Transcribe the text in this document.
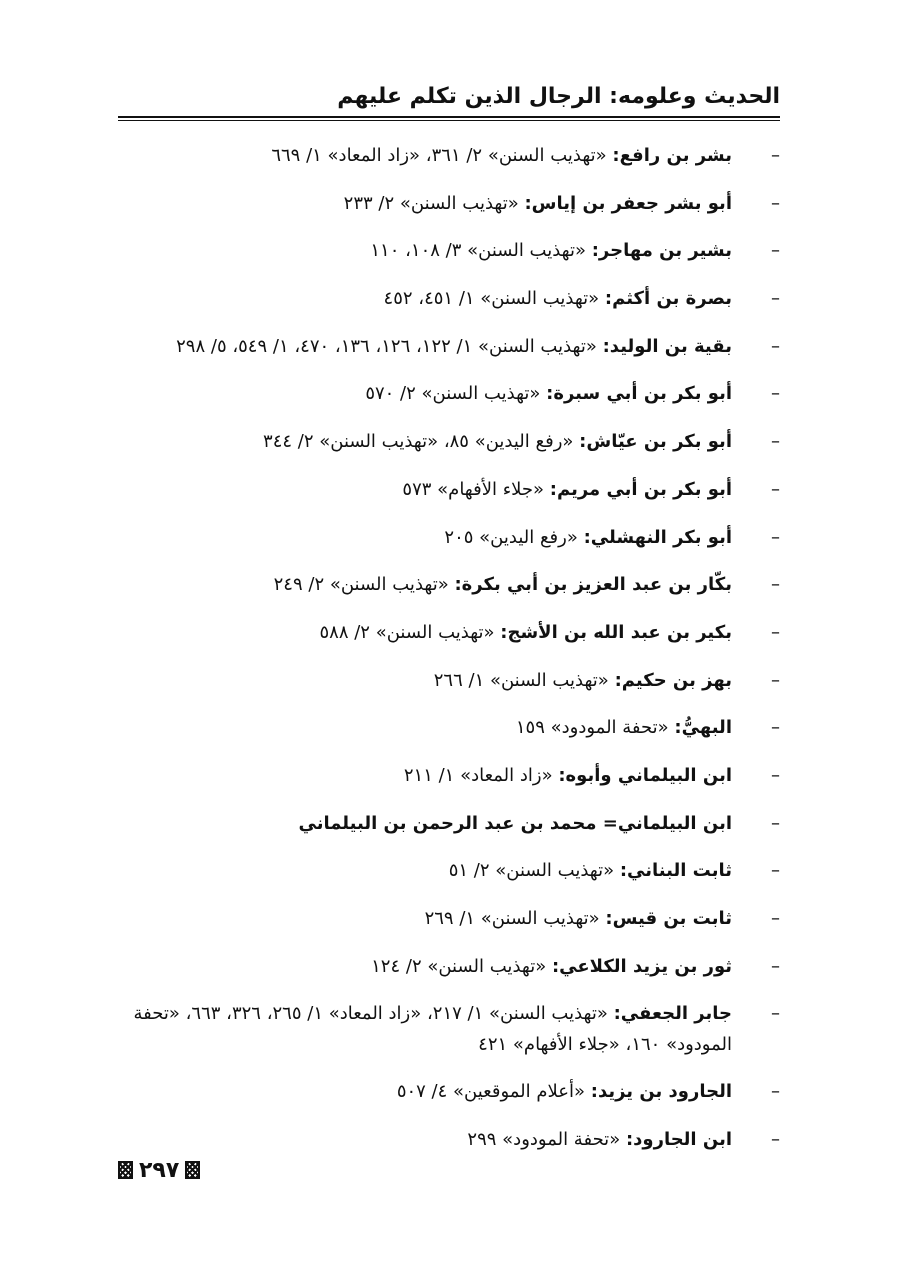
الحديث وعلومه: الرجال الذين تكلم عليهم
–
بشر بن رافع: «تهذيب السنن» ٢/ ٣٦١، «زاد المعاد» ١/ ٦٦٩
–
أبو بشر جعفر بن إياس: «تهذيب السنن» ٢/ ٢٣٣
–
بشير بن مهاجر: «تهذيب السنن» ٣/ ١٠٨، ١١٠
–
بصرة بن أكثم: «تهذيب السنن» ١/ ٤٥١، ٤٥٢
–
بقية بن الوليد: «تهذيب السنن» ١/ ١٢٢، ١٢٦، ١٣٦، ٤٧٠، ١/ ٥٤٩، ٥/ ٢٩٨
–
أبو بكر بن أبي سبرة: «تهذيب السنن» ٢/ ٥٧٠
–
أبو بكر بن عيّاش: «رفع اليدين» ٨٥، «تهذيب السنن» ٢/ ٣٤٤
–
أبو بكر بن أبي مريم: «جلاء الأفهام» ٥٧٣
–
أبو بكر النهشلي: «رفع اليدين» ٢٠٥
–
بكّار بن عبد العزيز بن أبي بكرة: «تهذيب السنن» ٢/ ٢٤٩
–
بكير بن عبد الله بن الأشج: «تهذيب السنن» ٢/ ٥٨٨
–
بهز بن حكيم: «تهذيب السنن» ١/ ٢٦٦
–
البهيُّ: «تحفة المودود» ١٥٩
–
ابن البيلماني وأبوه: «زاد المعاد» ١/ ٢١١
–
ابن البيلماني= محمد بن عبد الرحمن بن البيلماني
–
ثابت البناني: «تهذيب السنن» ٢/ ٥١
–
ثابت بن قيس: «تهذيب السنن» ١/ ٢٦٩
–
ثور بن يزيد الكلاعي: «تهذيب السنن» ٢/ ١٢٤
–
جابر الجعفي: «تهذيب السنن» ١/ ٢١٧، «زاد المعاد» ١/ ٢٦٥، ٣٢٦، ٦٦٣، «تحفة المودود» ١٦٠، «جلاء الأفهام» ٤٢١
–
الجارود بن يزيد: «أعلام الموقعين» ٤/ ٥٠٧
–
ابن الجارود: «تحفة المودود» ٢٩٩
٢٩٧
